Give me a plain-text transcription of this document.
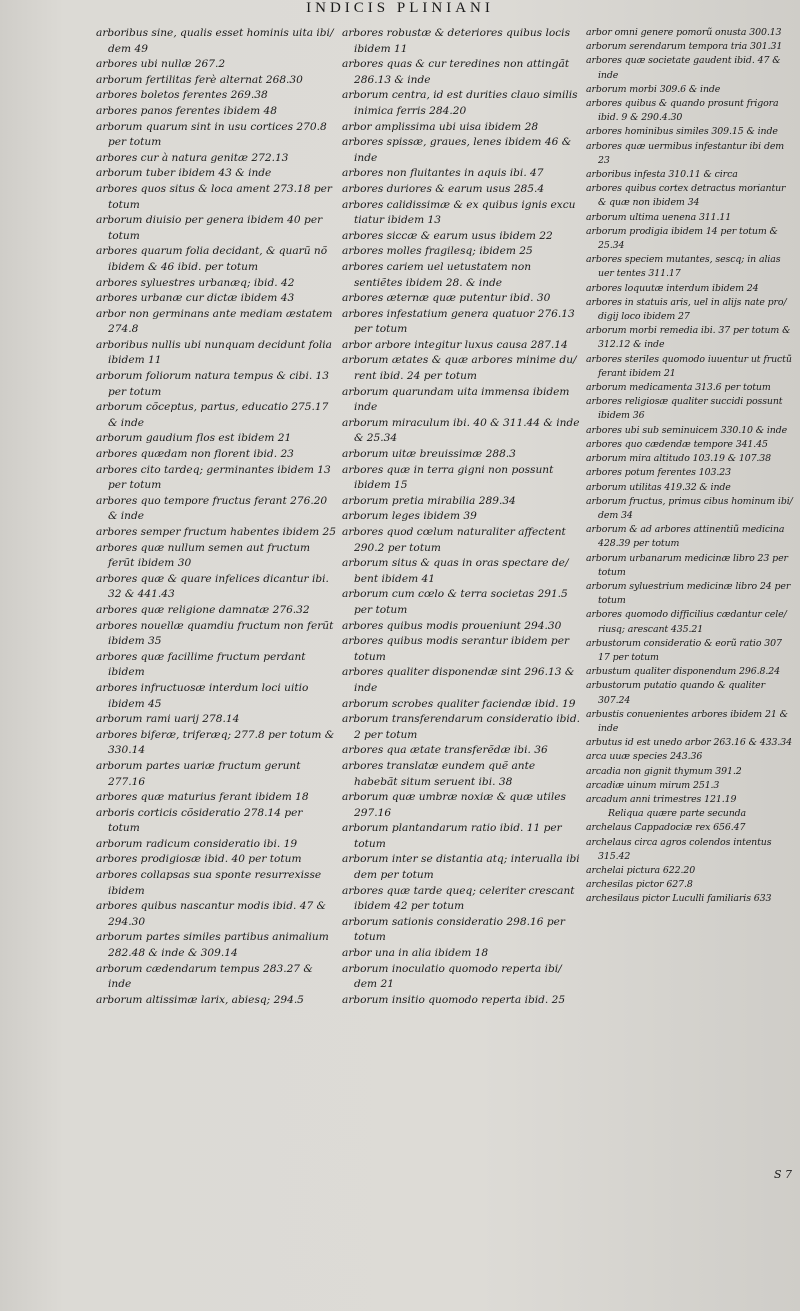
INDICIS PLINIANI

arboribus sine, qualis esset hominis uita ibi/ dem 49

arbores ubi nullæ 267.2

arborum fertilitas ferè alternat 268.30

arbores boletos ferentes 269.38

arbores panos ferentes ibidem 48

arborum quarum sint in usu cortices 270.8 per totum

arbores cur à natura genitæ 272.13

arborum tuber ibidem 43 & inde

arbores quos situs & loca ament 273.18 per totum

arborum diuisio per genera ibidem 40 per totum

arbores quarum folia decidant, & quarũ nõ ibidem & 46 ibid. per totum

arbores syluestres urbanæq; ibid. 42

arbores urbanæ cur dictæ ibidem 43

arbor non germinans ante mediam æstatem 274.8

arboribus nullis ubi nunquam decidunt folia ibidem 11

arborum foliorum natura tempus & cibi. 13 per totum

arborum cõceptus, partus, educatio 275.17 & inde

arborum gaudium flos est ibidem 21

arbores quædam non florent ibid. 23

arbores cito tardeq; germinantes ibidem 13 per totum

arbores quo tempore fructus ferant 276.20 & inde

arbores semper fructum habentes ibidem 25

arbores quæ nullum semen aut fructum ferũt ibidem 30

arbores quæ & quare infelices dicantur ibi. 32 & 441.43

arbores quæ religione damnatæ 276.32

arbores nouellæ quamdiu fructum non ferũt ibidem 35

arbores quæ facillime fructum perdant ibidem

arbores infructuosæ interdum loci uitio ibidem 45

arborum rami uarij 278.14

arbores biferæ, triferæq; 277.8 per totum & 330.14

arborum partes uariæ fructum gerunt 277.16

arbores quæ maturius ferant ibidem 18

arboris corticis cõsideratio 278.14 per totum

arborum radicum consideratio ibi. 19

arbores prodigiosæ ibid. 40 per totum

arbores collapsas sua sponte resurrexisse ibidem

arbores quibus nascantur modis ibid. 47 & 294.30

arborum partes similes partibus animalium 282.48 & inde & 309.14

arborum cædendarum tempus 283.27 & inde

arborum altissimæ larix, abiesq; 294.5

arbores robustæ & deteriores quibus locis ibidem 11

arbores quas & cur teredines non attingãt 286.13 & inde

arborum centra, id est durities clauo similis inimica ferris 284.20

arbor amplissima ubi uisa ibidem 28

arbores spissæ, graues, lenes ibidem 46 & inde

arbores non fluitantes in aquis ibi. 47

arbores duriores & earum usus 285.4

arbores calidissimæ & ex quibus ignis excu tiatur ibidem 13

arbores siccæ & earum usus ibidem 22

arbores molles fragilesq; ibidem 25

arbores cariem uel uetustatem non sentiẽtes ibidem 28. & inde

arbores æternæ quæ putentur ibid. 30

arbores infestatium genera quatuor 276.13 per totum

arbor arbore integitur luxus causa 287.14

arborum ætates & quæ arbores minime du/ rent ibid. 24 per totum

arborum quarundam uita immensa ibidem inde

arborum miraculum ibi. 40 & 311.44 & inde & 25.34

arborum uitæ breuissimæ 288.3

arbores quæ in terra gigni non possunt ibidem 15

arborum pretia mirabilia 289.34

arborum leges ibidem 39

arbores quod cœlum naturaliter affectent 290.2 per totum

arborum situs & quas in oras spectare de/ bent ibidem 41

arborum cum cœlo & terra societas 291.5 per totum

arbores quibus modis proueniunt 294.30

arbores quibus modis serantur ibidem per totum

arbores qualiter disponendæ sint 296.13 & inde

arborum scrobes qualiter faciendæ ibid. 19

arborum transferendarum consideratio ibid. 2 per totum

arbores qua ætate transferẽdæ ibi. 36

arbores translatæ eundem quẽ ante habebãt situm seruent ibi. 38

arborum quæ umbræ noxiæ & quæ utiles 297.16

arborum plantandarum ratio ibid. 11 per totum

arborum inter se distantia atq; interualla ibi dem per totum

arbores quæ tarde queq; celeriter crescant ibidem 42 per totum

arborum sationis consideratio 298.16 per totum

arbor una in alia ibidem 18

arborum inoculatio quomodo reperta ibi/ dem 21

arborum insitio quomodo reperta ibid. 25

arbor omni genere pomorũ onusta 300.13

arborum serendarum tempora tria 301.31

arbores quæ societate gaudent ibid. 47 & inde

arborum morbi 309.6 & inde

arbores quibus & quando prosunt frigora ibid. 9 & 290.4.30

arbores hominibus similes 309.15 & inde

arbores quæ uermibus infestantur ibi dem 23

arboribus infesta 310.11 & circa

arbores quibus cortex detractus moriantur & quæ non ibidem 34

arborum ultima uenena 311.11

arborum prodigia ibidem 14 per totum & 25.34

arbores speciem mutantes, sescq; in alias uer tentes 311.17

arbores loquutæ interdum ibidem 24

arbores in statuis aris, uel in alijs nate pro/ digij loco ibidem 27

arborum morbi remedia ibi. 37 per totum & 312.12 & inde

arbores steriles quomodo iuuentur ut fructũ ferant ibidem 21

arborum medicamenta 313.6 per totum

arbores religiosæ qualiter succidi possunt ibidem 36

arbores ubi sub seminuicem 330.10 & inde

arbores quo cædendæ tempore 341.45

arborum mira altitudo 103.19 & 107.38

arbores potum ferentes 103.23

arborum utilitas 419.32 & inde

arborum fructus, primus cibus hominum ibi/ dem 34

arborum & ad arbores attinentiũ medicina 428.39 per totum

arborum urbanarum medicinæ libro 23 per totum

arborum syluestrium medicinæ libro 24 per totum

arbores quomodo difficilius cædantur cele/ riusq; arescant 435.21

arbustorum consideratio & eorũ ratio 307 17 per totum

arbustum qualiter disponendum 296.8.24

arbustorum putatio quando & qualiter 307.24

arbustis conuenientes arbores ibidem 21 & inde

arbutus id est unedo arbor 263.16 & 433.34

arca uuæ species 243.36

arcadia non gignit thymum 391.2

arcadiæ uinum mirum 251.3

arcadum anni trimestres 121.19

Reliqua quære parte secunda

archelaus Cappadociæ rex 656.47

archelaus circa agros colendos intentus 315.42

archelai pictura 622.20

archesilas pictor 627.8

archesilaus pictor Luculli familiaris 633

S 7
